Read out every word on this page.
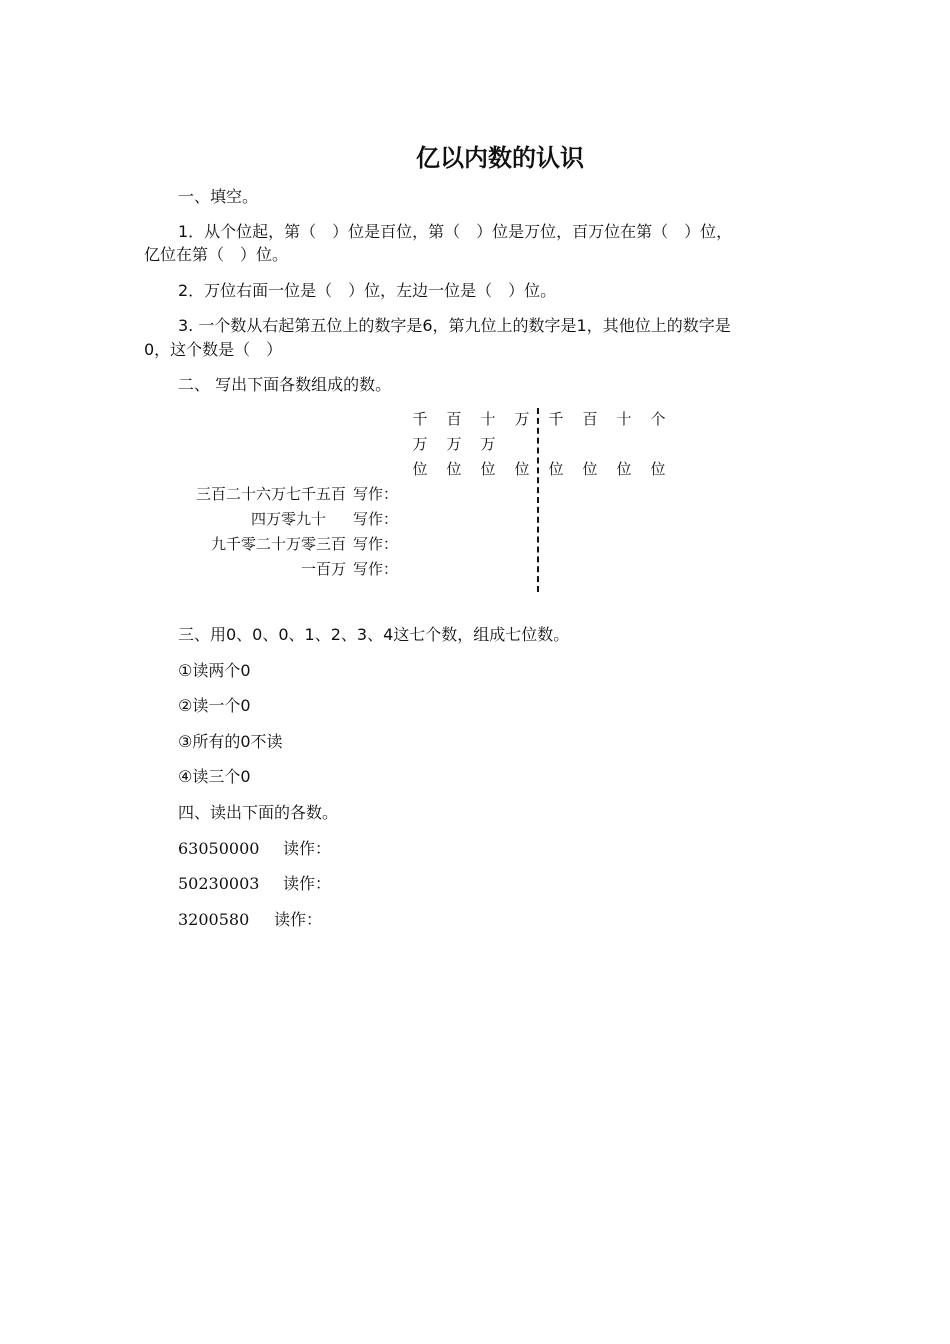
亿以内数的认识
一、填空。
1．从个位起，第（　）位是百位，第（　）位是万位，百万位在第（　）位，
亿位在第（　）位。
2．万位右面一位是（　）位，左边一位是（　）位。
3. 一个数从右起第五位上的数字是6，第九位上的数字是1，其他位上的数字是
0，这个数是（　）
二、 写出下面各数组成的数。
千
万
位
百
万
位
十
万
位
万
位
千
位
百
位
十
位
个
位
三百二十六万七千五百 写作：
四万零九十 写作：
九千零二十万零三百 写作：
一百万 写作：
三、用0、0、0、1、2、3、4这七个数，组成七位数。
①读两个0
②读一个0
③所有的0不读
④读三个0
四、读出下面的各数。
63050000 读作：
50230003 读作：
3200580 读作：
